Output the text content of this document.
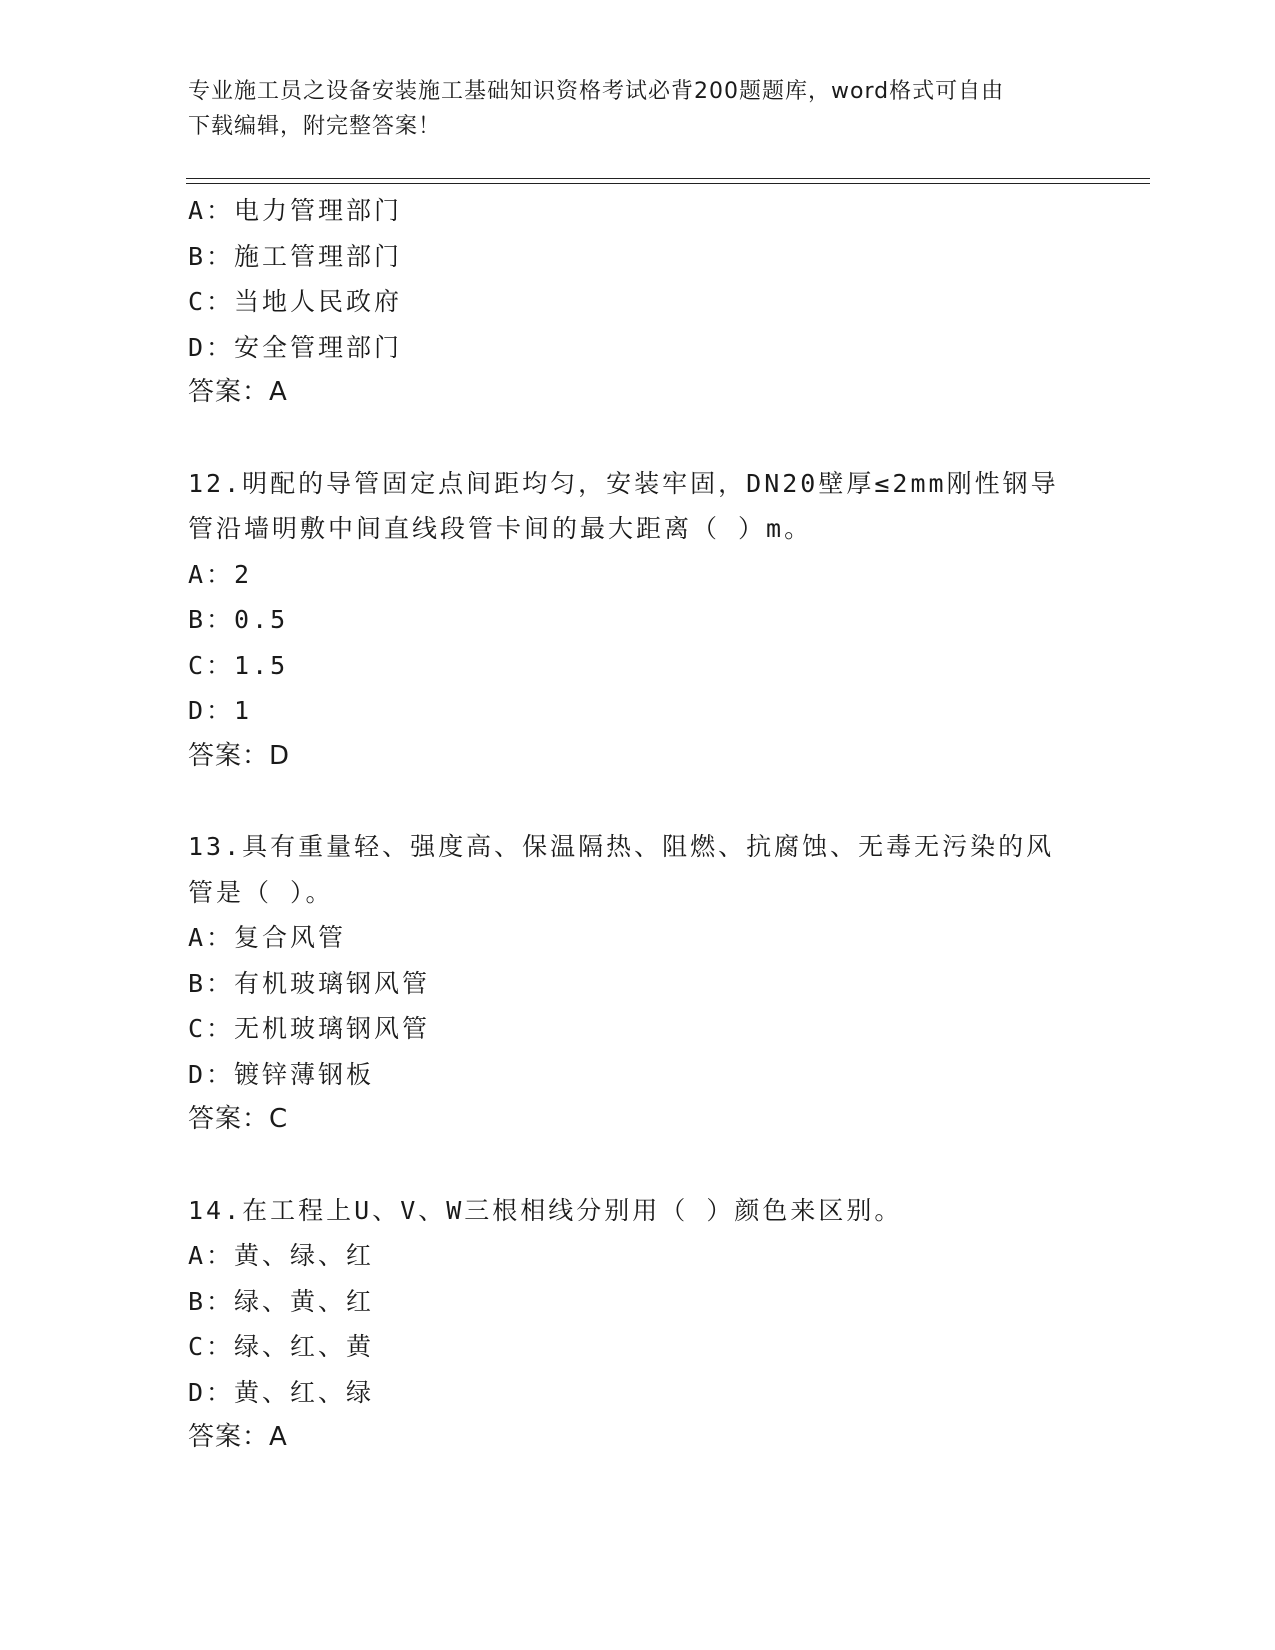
专业施工员之设备安装施工基础知识资格考试必背200题题库，word格式可自由
下载编辑，附完整答案！
A：电力管理部门
B：施工管理部门
C：当地人民政府
D：安全管理部门
答案：A
12.明配的导管固定点间距均匀，安装牢固，DN20壁厚≤2mm刚性钢导
管沿墙明敷中间直线段管卡间的最大距离（ ）m。
A：2
B：0.5
C：1.5
D：1
答案：D
13.具有重量轻、强度高、保温隔热、阻燃、抗腐蚀、无毒无污染的风
管是（ ）。
A：复合风管
B：有机玻璃钢风管
C：无机玻璃钢风管
D：镀锌薄钢板
答案：C
14.在工程上U、V、W三根相线分别用（ ）颜色来区别。
A：黄、绿、红
B：绿、黄、红
C：绿、红、黄
D：黄、红、绿
答案：A
